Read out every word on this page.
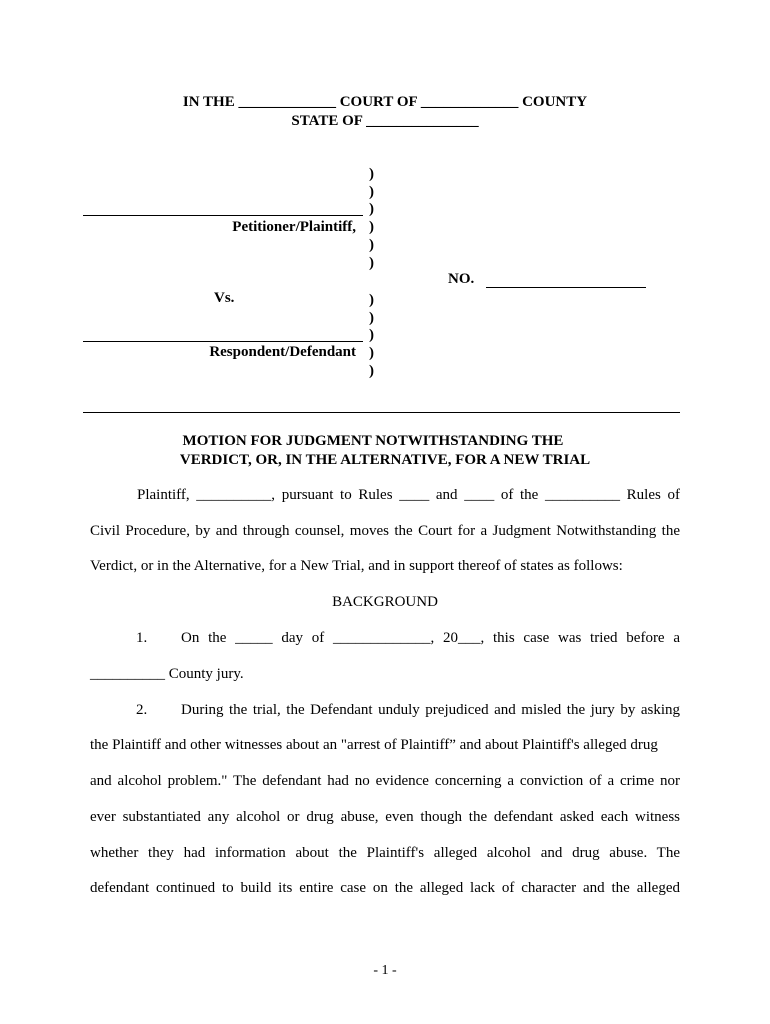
IN THE _____________ COURT OF _____________ COUNTY
STATE OF _______________
)
)
)
)
)
)
)
)
)
)
)
Petitioner/Plaintiff,
Vs.
Respondent/Defendant
NO.
MOTION FOR JUDGMENT NOTWITHSTANDING THE
VERDICT, OR, IN THE ALTERNATIVE, FOR A NEW TRIAL
Plaintiff, __________, pursuant to Rules ____ and ____ of the __________ Rules of
Civil Procedure, by and through counsel, moves the Court for a Judgment Notwithstanding the
Verdict, or in the Alternative, for a New Trial, and in support thereof of states as follows:
BACKGROUND
1. On the _____ day of _____________, 20___, this case was tried before a
__________ County jury.
2. During the trial, the Defendant unduly prejudiced and misled the jury by asking
the Plaintiff and other witnesses about an "arrest of Plaintiff” and about Plaintiff's alleged drug
and alcohol problem." The defendant had no evidence concerning a conviction of a crime nor
ever substantiated any alcohol or drug abuse, even though the defendant asked each witness
whether they had information about the Plaintiff's alleged alcohol and drug abuse. The
defendant continued to build its entire case on the alleged lack of character and the alleged
- 1 -
